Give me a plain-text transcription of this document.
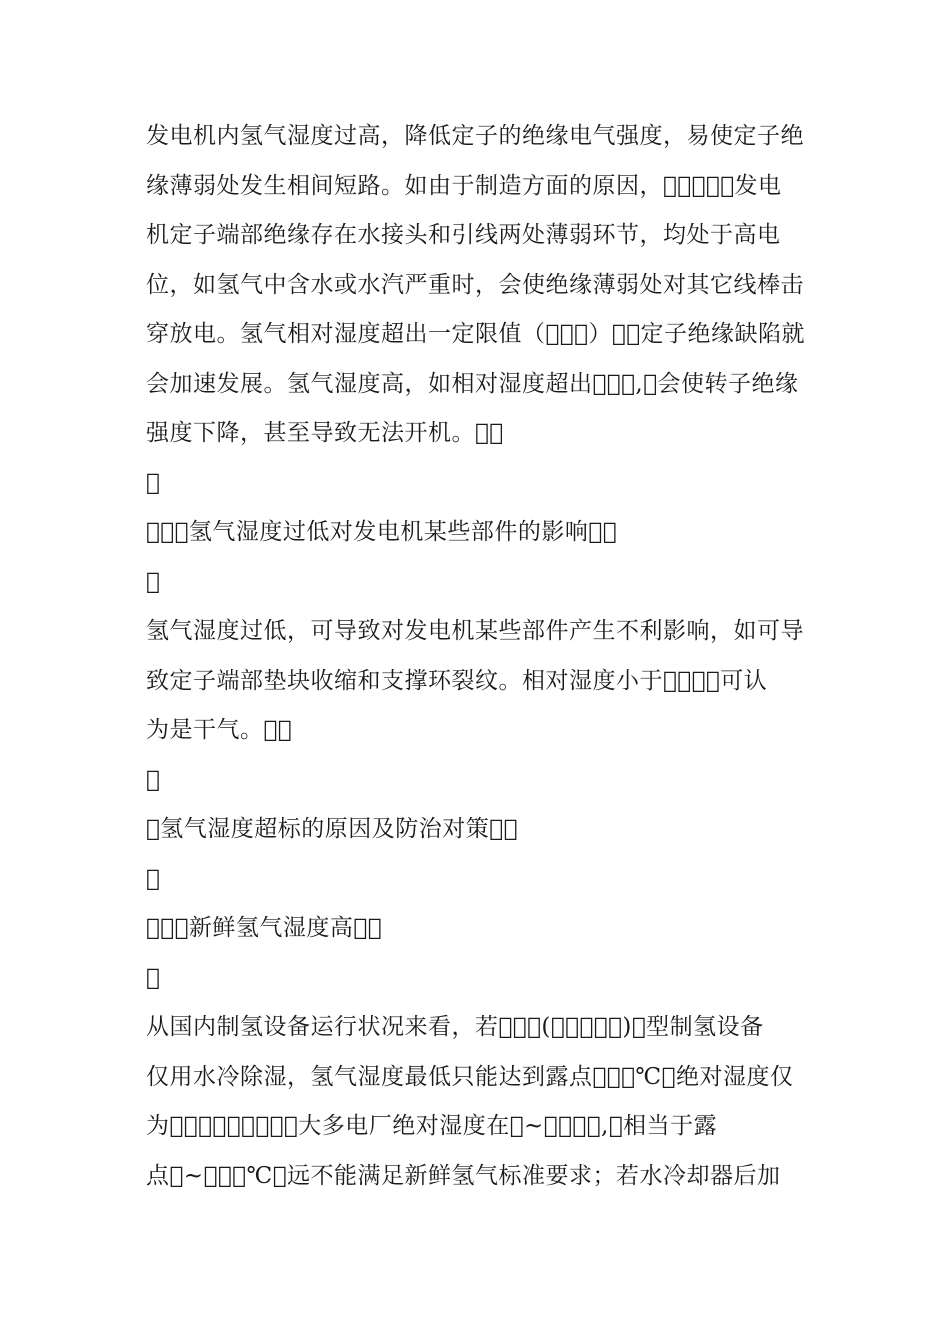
发电机内氢气湿度过高，降低定子的绝缘电气强度，易使定子绝
缘薄弱处发生相间短路。如由于制造方面的原因，     发电
机定子端部绝缘存在水接头和引线两处薄弱环节，均处于高电
位，如氢气中含水或水汽严重时，会使绝缘薄弱处对其它线棒击
穿放电。氢气相对湿度超出一定限值（   ） ，定子绝缘缺陷就
会加速发展。氢气湿度高，如相对湿度超出   , 会使转子绝缘
强度下降，甚至导致无法开机。

氢气湿度过低对发电机某些部件的影响

氢气湿度过低，可导致对发电机某些部件产生不利影响，如可导
致定子端部垫块收缩和支撑环裂纹。相对湿度小于    可认
为是干气。

氢气湿度超标的原因及防治对策

新鲜氢气湿度高

从国内制氢设备运行状况来看，若   (     ) 型制氢设备
仅用水冷除湿，氢气湿度最低只能达到露点   ℃ 绝对湿度仅
为         大多电厂绝对湿度在 ~    , 相当于露
点 ~   ℃，远不能满足新鲜氢气标准要求；若水冷却器后加
